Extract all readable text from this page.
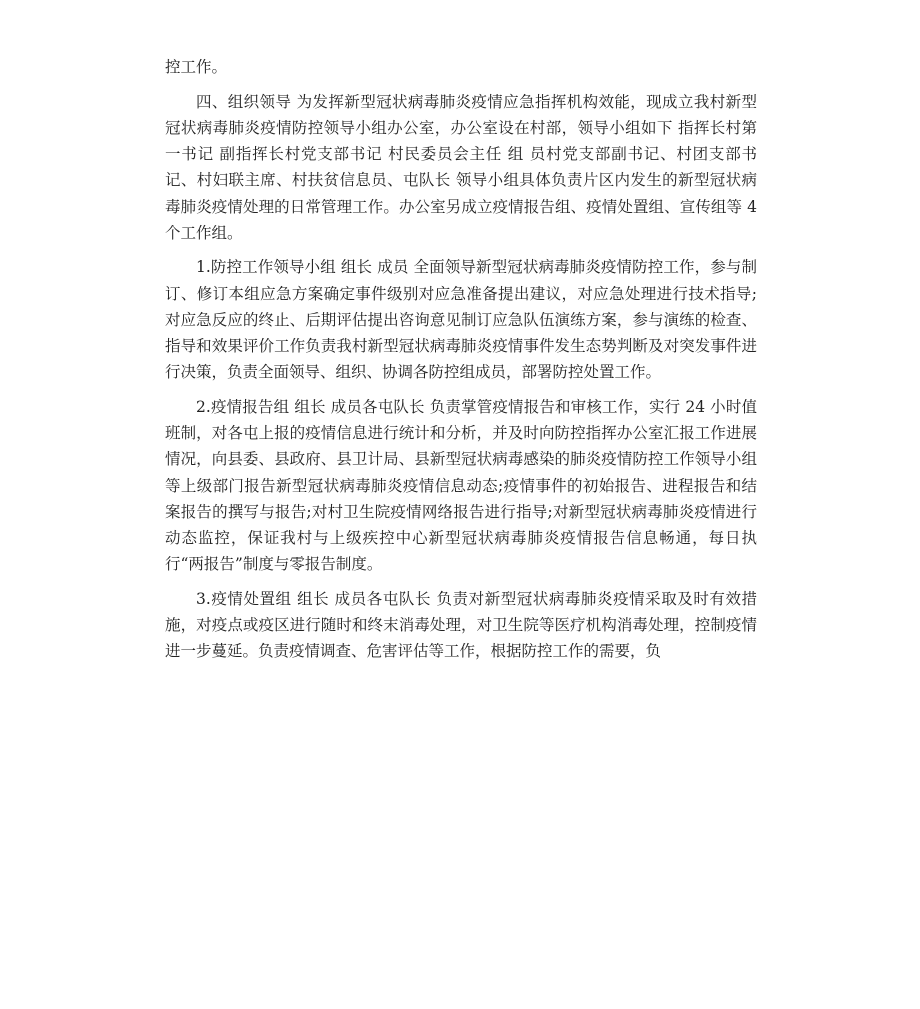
控工作。

四、组织领导 为发挥新型冠状病毒肺炎疫情应急指挥机构效能，现成立我村新型冠状病毒肺炎疫情防控领导小组办公室，办公室设在村部，领导小组如下 指挥长村第一书记 副指挥长村党支部书记 村民委员会主任 组 员村党支部副书记、村团支部书记、村妇联主席、村扶贫信息员、屯队长 领导小组具体负责片区内发生的新型冠状病毒肺炎疫情处理的日常管理工作。办公室另成立疫情报告组、疫情处置组、宣传组等 4 个工作组。

1.防控工作领导小组 组长 成员 全面领导新型冠状病毒肺炎疫情防控工作，参与制订、修订本组应急方案确定事件级别对应急准备提出建议，对应急处理进行技术指导;对应急反应的终止、后期评估提出咨询意见制订应急队伍演练方案，参与演练的检查、指导和效果评价工作负责我村新型冠状病毒肺炎疫情事件发生态势判断及对突发事件进行决策，负责全面领导、组织、协调各防控组成员，部署防控处置工作。

2.疫情报告组 组长 成员各屯队长 负责掌管疫情报告和审核工作，实行 24 小时值班制，对各屯上报的疫情信息进行统计和分析，并及时向防控指挥办公室汇报工作进展情况，向县委、县政府、县卫计局、县新型冠状病毒感染的肺炎疫情防控工作领导小组等上级部门报告新型冠状病毒肺炎疫情信息动态;疫情事件的初始报告、进程报告和结案报告的撰写与报告;对村卫生院疫情网络报告进行指导;对新型冠状病毒肺炎疫情进行动态监控，保证我村与上级疾控中心新型冠状病毒肺炎疫情报告信息畅通，每日执行“两报告”制度与零报告制度。

3.疫情处置组 组长 成员各屯队长 负责对新型冠状病毒肺炎疫情采取及时有效措施，对疫点或疫区进行随时和终末消毒处理，对卫生院等医疗机构消毒处理，控制疫情进一步蔓延。负责疫情调查、危害评估等工作，根据防控工作的需要，负
